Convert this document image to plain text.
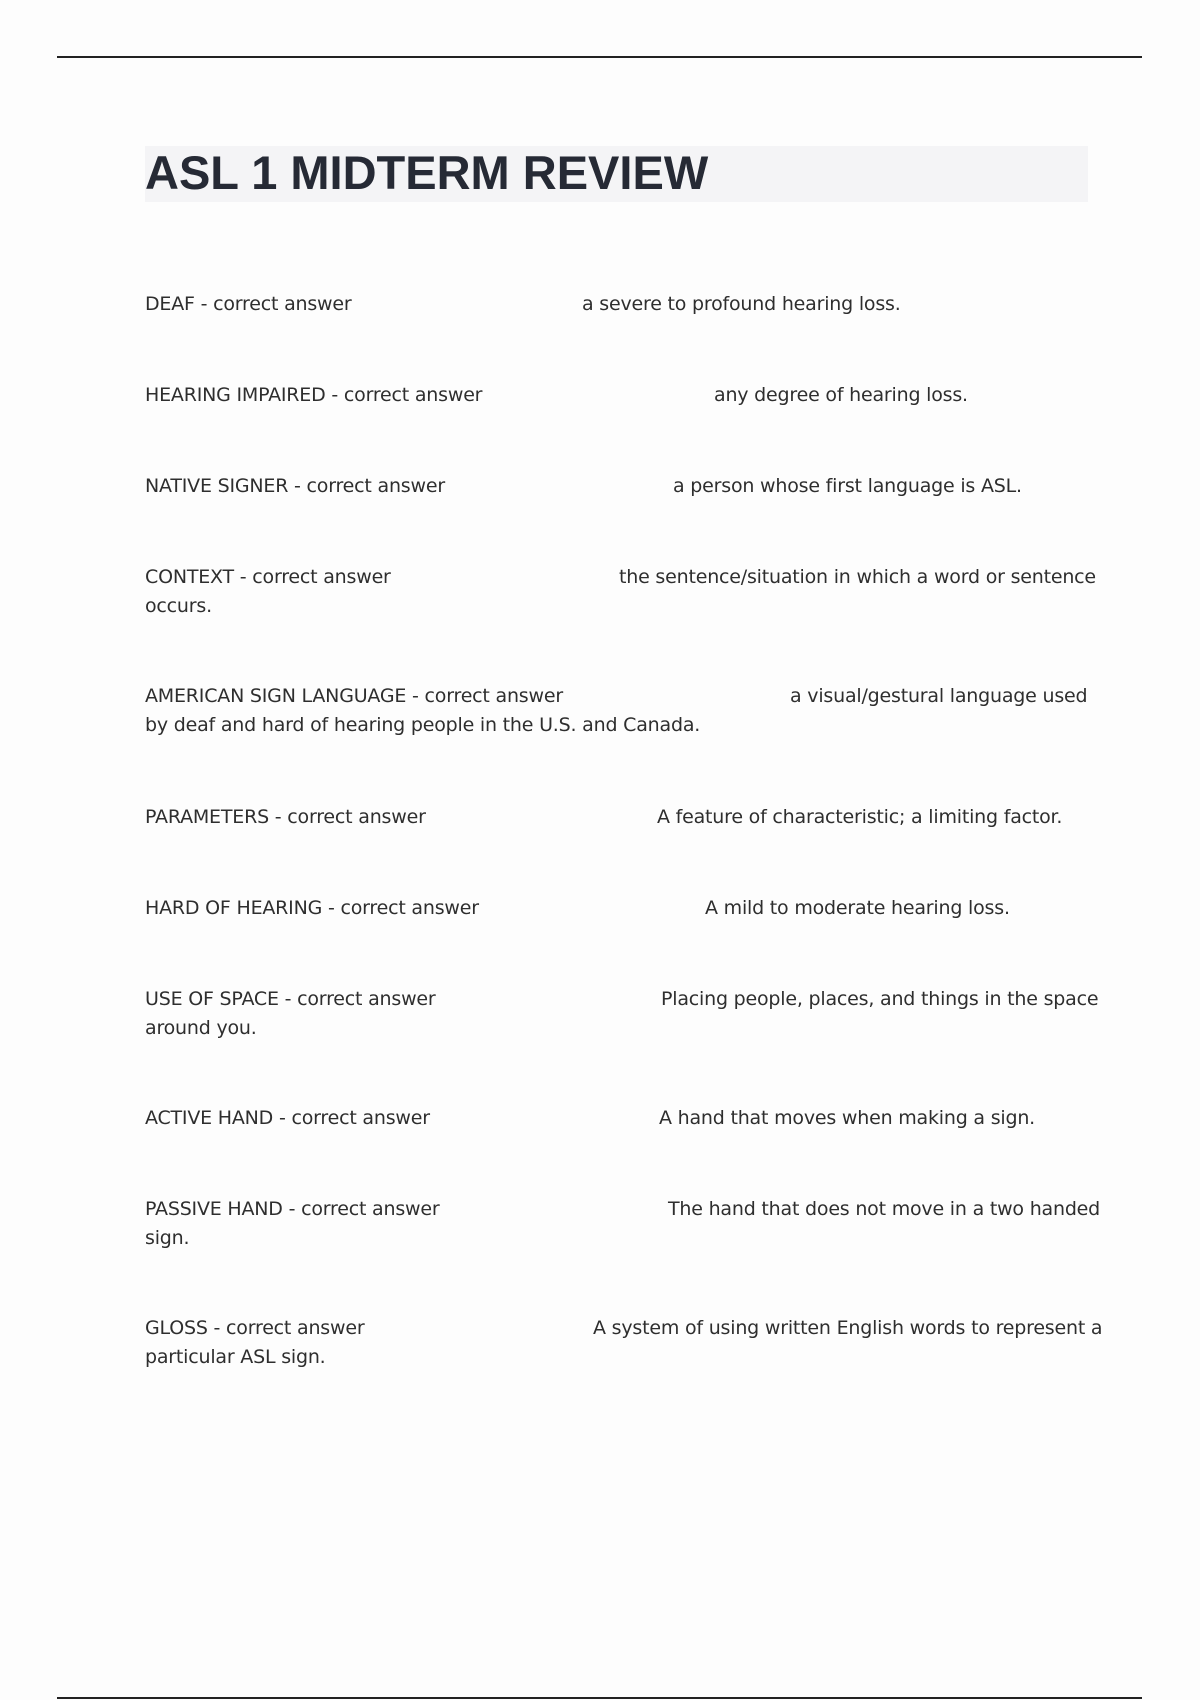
ASL 1 MIDTERM REVIEW
DEAF - correct answer	a severe to profound hearing loss.
HEARING IMPAIRED - correct answer	any degree of hearing loss.
NATIVE SIGNER - correct answer	a person whose first language is ASL.
CONTEXT - correct answer	the sentence/situation in which a word or sentence
occurs.
AMERICAN SIGN LANGUAGE - correct answer	a visual/gestural language used
by deaf and hard of hearing people in the U.S. and Canada.
PARAMETERS - correct answer	A feature of characteristic; a limiting factor.
HARD OF HEARING - correct answer	A mild to moderate hearing loss.
USE OF SPACE - correct answer	Placing people, places, and things in the space
around you.
ACTIVE HAND - correct answer	A hand that moves when making a sign.
PASSIVE HAND - correct answer	The hand that does not move in a two handed
sign.
GLOSS - correct answer	A system of using written English words to represent a
particular ASL sign.
